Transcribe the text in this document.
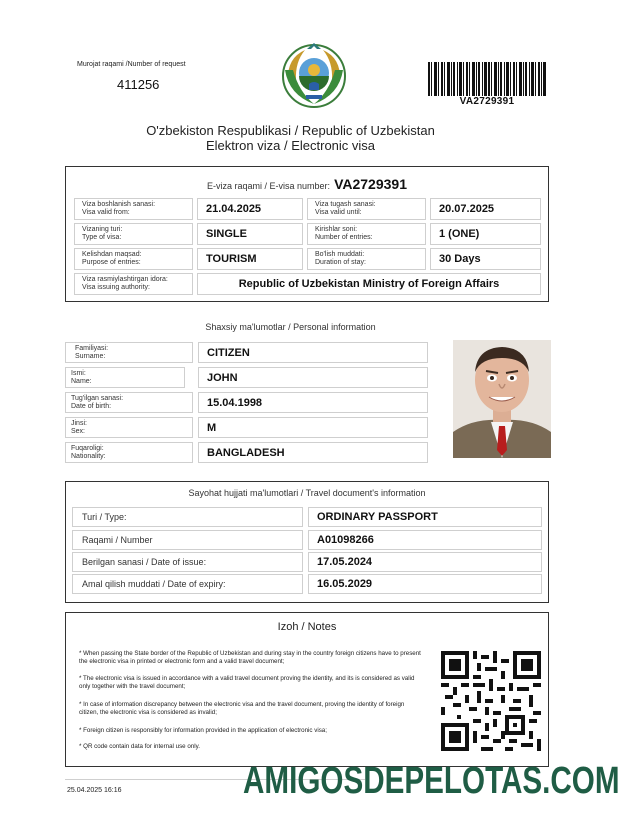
Murojat raqami /Number of request
411256
VA2729391
O'zbekiston Respublikasi / Republic of Uzbekistan
Elektron viza / Electronic visa
E-viza raqami / E-visa number: VA2729391
Viza boshlanish sanasi:
Visa valid from:	21.04.2025	Viza tugash sanasi:
Visa valid until:	20.07.2025
Vizaning turi:
Type of visa:	SINGLE	Kirishlar soni:
Number of entries:	1 (ONE)
Kelishdan maqsad:
Purpose of entries:	TOURISM	Bo'lish muddati:
Duration of stay:	30 Days
Viza rasmiylashtirgan idora:
Visa issuing authority:	Republic of Uzbekistan Ministry of Foreign Affairs
Shaxsiy ma'lumotlar / Personal information
Familiyasi:
Surname:	CITIZEN
Ismi:
Name:	JOHN
Tug'ilgan sanasi:
Date of birth:	15.04.1998
Jinsi:
Sex:	M
Fuqaroligi:
Nationality:	BANGLADESH
Sayohat hujjati ma'lumotlari / Travel document's information
Turi / Type:	ORDINARY PASSPORT
Raqami / Number	A01098266
Berilgan sanasi / Date of issue:	17.05.2024
Amal qilish muddati / Date of expiry:	16.05.2029
Izoh / Notes
* When passing the State border of the Republic of Uzbekistan and during stay in the country foreign citizens have to present the electronic visa in printed or electronic form and a valid travel document;
* The electronic visa is issued in accordance with a valid travel document proving the identity, and its is considered as valid only together with the travel document;
* In case of information discrepancy between the electronic visa and the travel document, proving the identity of foreign citizen, the electronic visa is considered as invalid;
* Foreign citizen is responsibly for information provided in the application of electronic visa;
* QR code contain data for internal use only.
25.04.2025 16:16	AMIGOSDEPELOTAS.COM
